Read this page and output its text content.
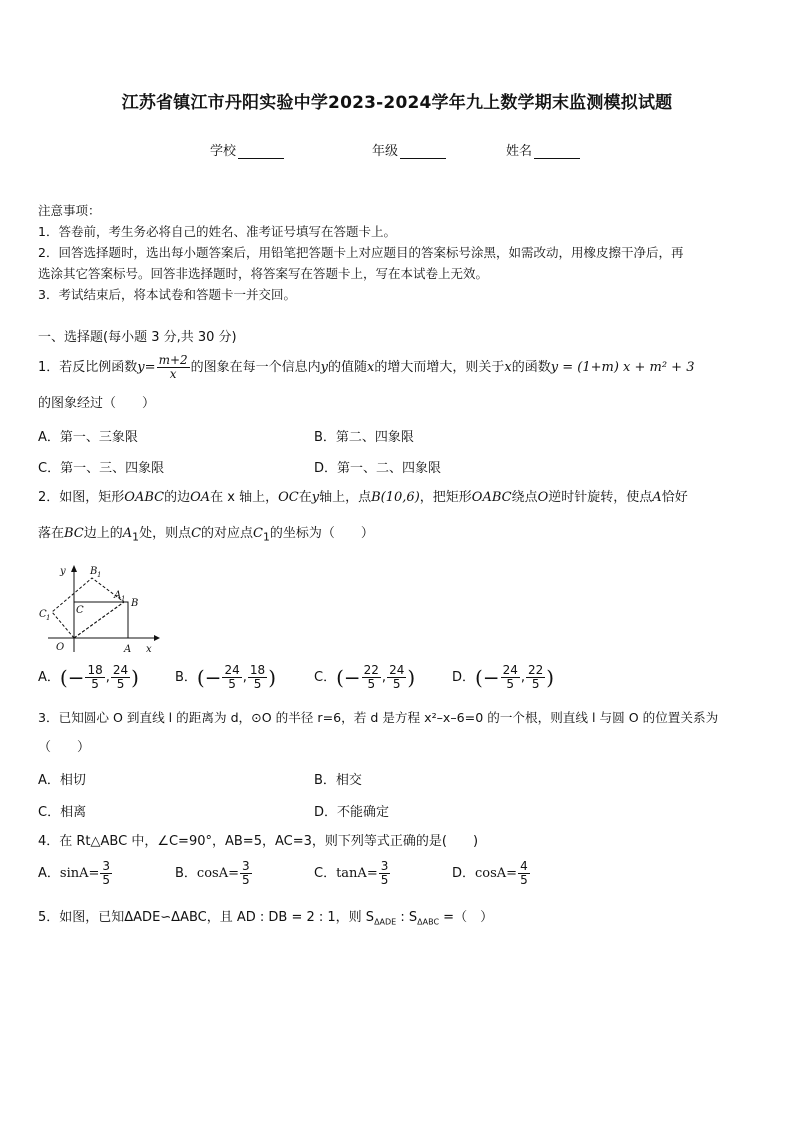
江苏省镇江市丹阳实验中学2023-2024学年九上数学期末监测模拟试题
学校	年级	姓名
注意事项：
1．答卷前，考生务必将自己的姓名、准考证号填写在答题卡上。
2．回答选择题时，选出每小题答案后，用铅笔把答题卡上对应题目的答案标号涂黑，如需改动，用橡皮擦干净后，再
选涂其它答案标号。回答非选择题时，将答案写在答题卡上，写在本试卷上无效。
3．考试结束后，将本试卷和答题卡一并交回。
一、选择题(每小题 3 分,共 30 分)
1．若反比例函数$y= \frac{m+2}{x}$ 的图象在每一个信息内y的值随x的增大而增大，则关于x的函数y = (1+m) x + m² + 3
的图象经过（　　）
A．第一、三象限	B．第二、四象限
C．第一、三、四象限	D．第一、二、四象限
2．如图，矩形OABC的边OA在 x 轴上，OC在y轴上，点B(10,6)，把矩形OABC绕点O逆时针旋转，使点A恰好
落在BC边上的$A_1$处，则点C的对应点$C_1$的坐标为（　　）
y
x
B 1
A 1 B
C 1
C
O	A
A．(− $\frac{18}{5}$ , $\frac{24}{5}$ )	B．(− $\frac{24}{5}$ , $\frac{18}{5}$ )	C．(− $\frac{22}{5}$ , $\frac{24}{5}$ )	D．(− $\frac{24}{5}$ , $\frac{22}{5}$ )
3．已知圆心 O 到直线 l 的距离为 d，⊙O 的半径 r=6，若 d 是方程 x²–x–6=0 的一个根，则直线 l 与圆 O 的位置关系为
（　　）
A．相切	B．相交
C．相离	D．不能确定
4．在 Rt△ABC 中，∠C=90°，AB=5，AC=3，则下列等式正确的是(　　)
A．$\sin A= \frac{3}{5}$	B．$\cos A= \frac{3}{5}$	C．$\tan A= \frac{3}{5}$	D．$\cos A= \frac{4}{5}$
5．如图，已知ΔADE∽ΔABC，且 AD : DB = 2 : 1，则 $S_{\Delta ADE}$ : $S_{\Delta ABC}$ =（　）
